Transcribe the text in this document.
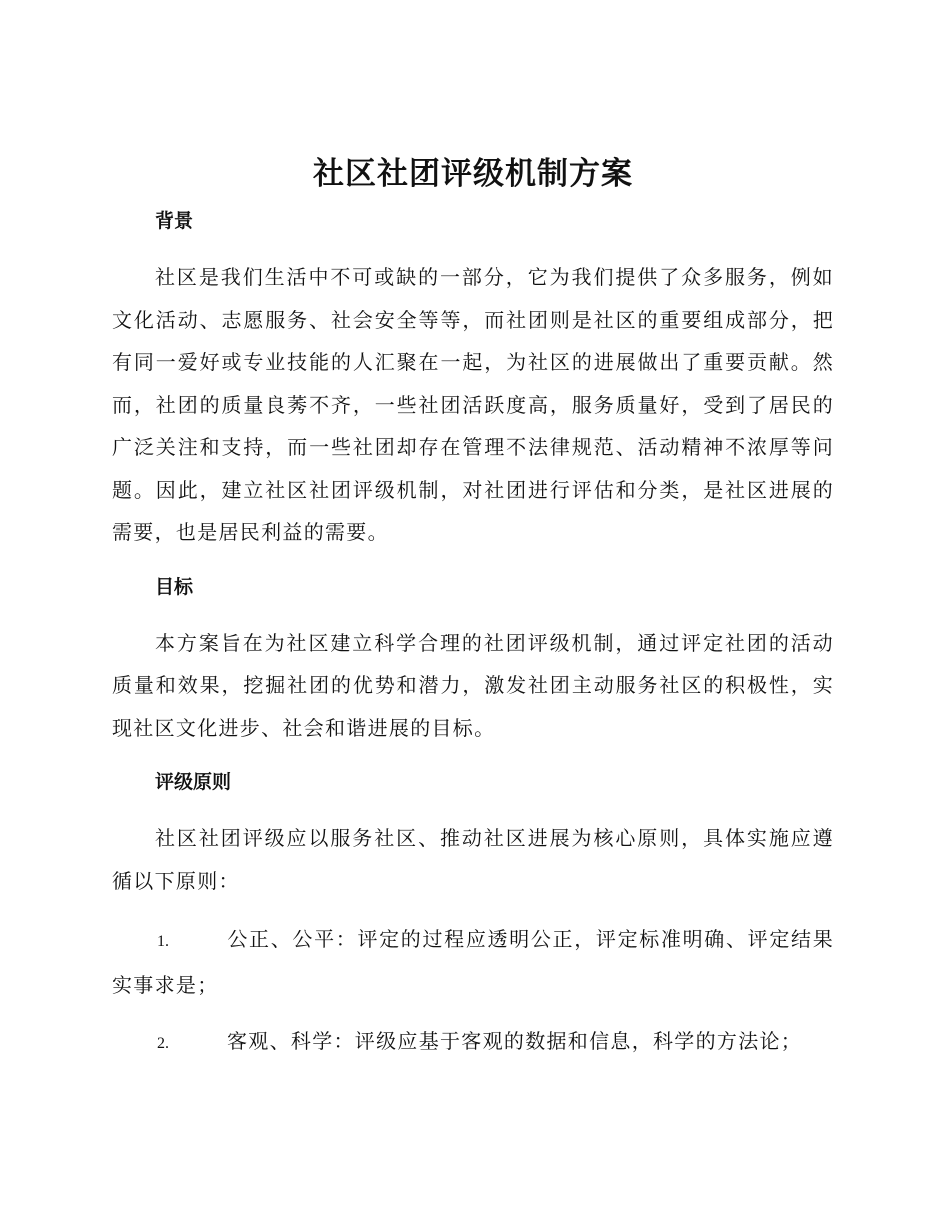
社区社团评级机制方案
背景

社区是我们生活中不可或缺的一部分，它为我们提供了众多服务，例如文化活动、志愿服务、社会安全等等，而社团则是社区的重要组成部分，把有同一爱好或专业技能的人汇聚在一起，为社区的进展做出了重要贡献。然而，社团的质量良莠不齐，一些社团活跃度高，服务质量好，受到了居民的广泛关注和支持，而一些社团却存在管理不法律规范、活动精神不浓厚等问题。因此，建立社区社团评级机制，对社团进行评估和分类，是社区进展的需要，也是居民利益的需要。

目标

本方案旨在为社区建立科学合理的社团评级机制，通过评定社团的活动质量和效果，挖掘社团的优势和潜力，激发社团主动服务社区的积极性，实现社区文化进步、社会和谐进展的目标。

评级原则

社区社团评级应以服务社区、推动社区进展为核心原则，具体实施应遵循以下原则：

1.	公正、公平：评定的过程应透明公正，评定标准明确、评定结果实事求是；

2.	客观、科学：评级应基于客观的数据和信息，科学的方法论；
